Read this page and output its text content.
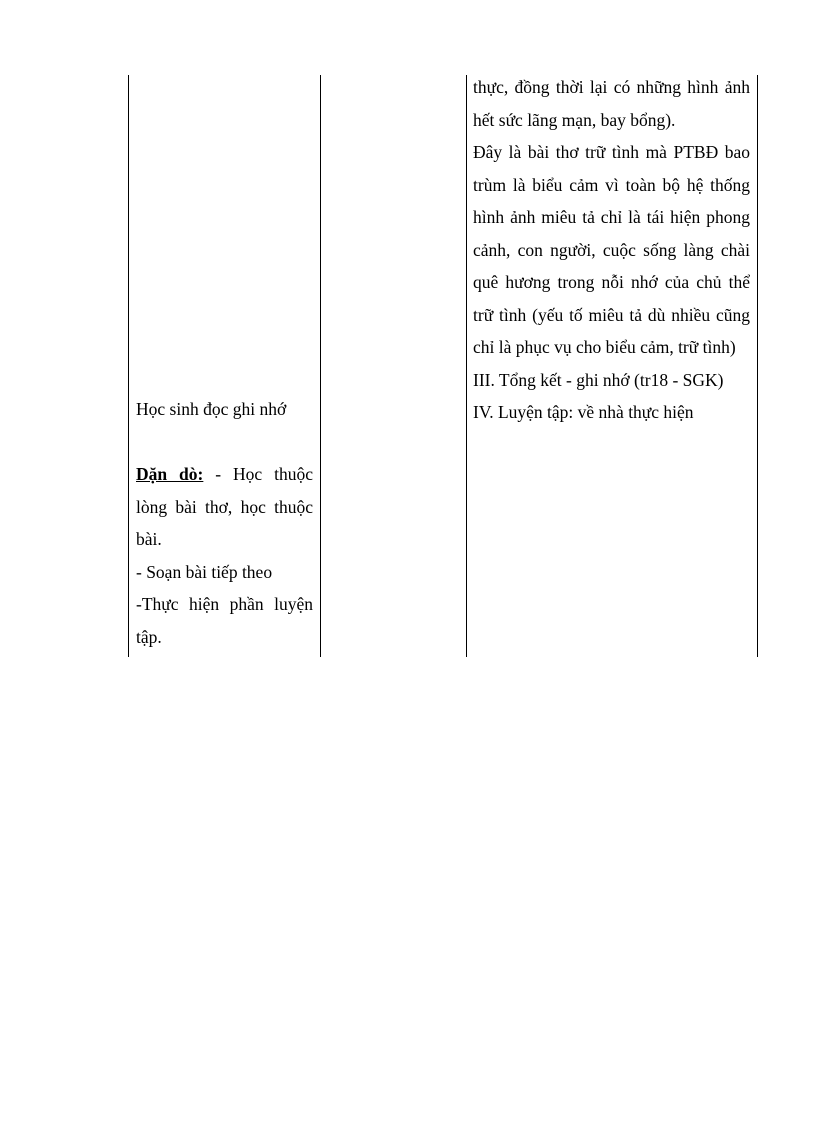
Học sinh đọc ghi nhớ

Dặn dò: - Học thuộc lòng bài thơ, học thuộc bài.

- Soạn bài tiếp theo

-Thực hiện phần luyện tập.

thực, đồng thời lại có những hình ảnh hết sức lãng mạn, bay bổng).

Đây là bài thơ trữ tình mà PTBĐ bao trùm là biểu cảm vì toàn bộ hệ thống hình ảnh miêu tả chỉ là tái hiện phong cảnh, con người, cuộc sống làng chài quê hương trong nỗi nhớ của chủ thể trữ tình (yếu tố miêu tả dù nhiều cũng chỉ là phục vụ cho biểu cảm, trữ tình)

III. Tổng kết - ghi nhớ (tr18 - SGK)

IV. Luyện tập: về nhà thực hiện
